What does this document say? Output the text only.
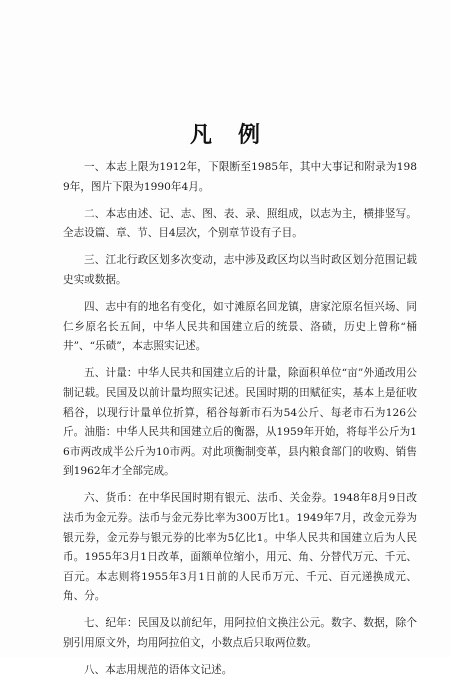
凡例

一、本志上限为1912年，下限断至1985年，其中大事记和附录为1989年，图片下限为1990年4月。

二、本志由述、记、志、图、表、录、照组成，以志为主，横排竖写。全志设篇、章、节、目4层次，个别章节设有子目。

三、江北行政区划多次变动，志中涉及政区均以当时政区划分范围记载史实或数据。

四、志中有的地名有变化，如寸滩原名回龙镇，唐家沱原名恒兴场、同仁乡原名长五间，中华人民共和国建立后的统景、洛碛，历史上曾称“桶井”、“乐碛”，本志照实记述。

五、计量：中华人民共和国建立后的计量，除面积单位“亩”外通改用公制记载。民国及以前计量均照实记述。民国时期的田赋征实，基本上是征收稻谷，以现行计量单位折算，稻谷每新市石为54公斤、每老市石为126公斤。油脂：中华人民共和国建立后的衡器，从1959年开始，将每半公斤为16市两改成半公斤为10市两。对此项衡制变革，县内粮食部门的收购、销售到1962年才全部完成。

六、货币：在中华民国时期有银元、法币、关金券。1948年8月9日改法币为金元券。法币与金元券比率为300万比1。1949年7月，改金元券为银元券，金元券与银元券的比率为5亿比1。中华人民共和国建立后为人民币。1955年3月1日改革，面额单位缩小，用元、角、分替代万元、千元、百元。本志则将1955年3月1日前的人民币万元、千元、百元递换成元、角、分。

七、纪年：民国及以前纪年，用阿拉伯文换注公元。数字、数据，除个别引用原文外，均用阿拉伯文，小数点后只取两位数。

八、本志用规范的语体文记述。
